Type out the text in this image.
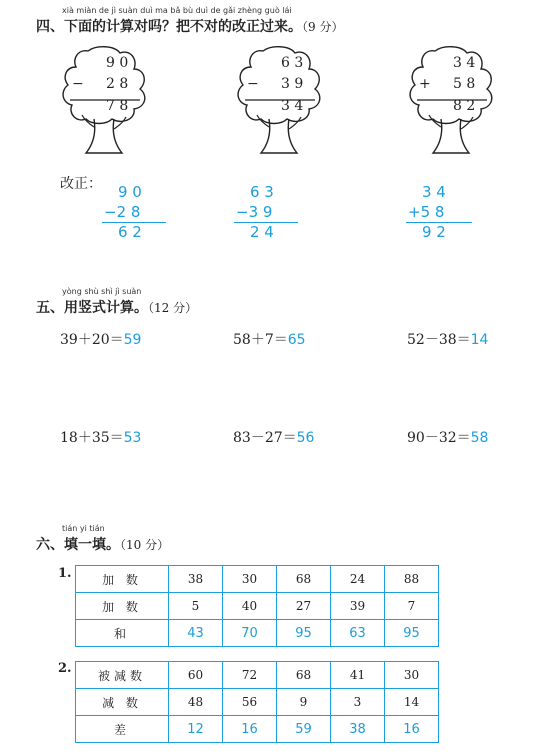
xià miàn de jì suàn duì ma bǎ bù duì de gǎi zhèng guò lái
四、下面的计算对吗？把不对的改正过来。（9 分）
9 0
− 2 8
7 8
6 3
− 3 9
3 4
3 4
+ 5 8
8 2
改正： 9 0
−2 8
6 2
6 3
−3 9
2 4
3 4
+5 8
9 2
yòng shù shì jì suàn
五、用竖式计算。（12 分）
39＋20＝59	58＋7＝65	52－38＝14
18＋35＝53	83－27＝56	90－32＝58
tián yi tián
六、填一填。（10 分）
1.	加 数	38	30	68	24	88
加 数	5	40	27	39	7
和	43	70	95	63	95
2. 被减数	60	72	68	41	30
减 数	48	56	9	3	14
差	12	16	59	38	16
